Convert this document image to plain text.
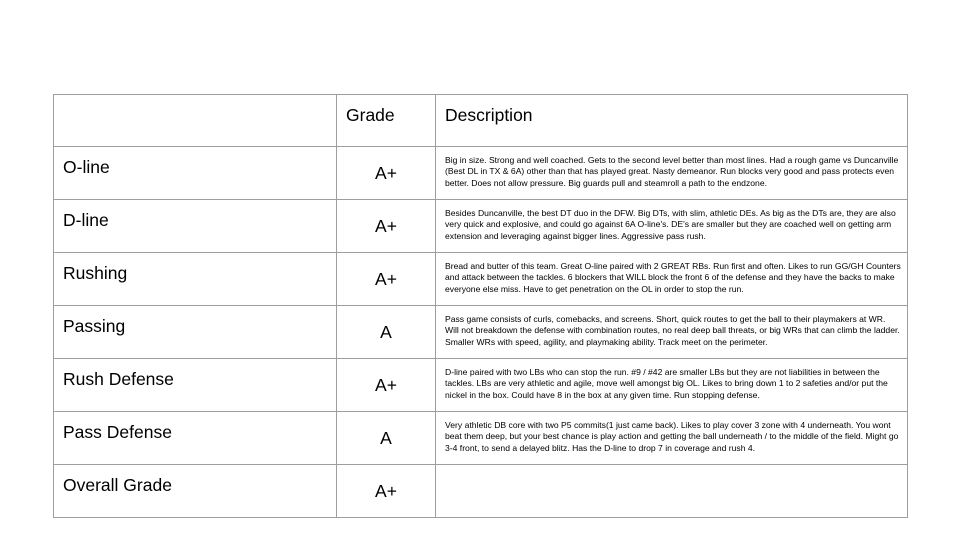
	Grade	Description

O-line	A+	Big in size. Strong and well coached. Gets to the second level better than most lines. Had a rough game vs Duncanville (Best DL in TX & 6A) other than that has played great. Nasty demeanor. Run blocks very good and pass protects even better. Does not allow pressure. Big guards pull and steamroll a path to the endzone.

D-line	A+	Besides Duncanville, the best DT duo in the DFW. Big DTs, with slim, athletic DEs. As big as the DTs are, they are also very quick and explosive, and could go against 6A O-line's. DE's are smaller but they are coached well on getting arm extension and leveraging against bigger lines. Aggressive pass rush.

Rushing	A+	Bread and butter of this team. Great O-line paired with 2 GREAT RBs. Run first and often. Likes to run GG/GH Counters and attack between the tackles. 6 blockers that WILL block the front 6 of the defense and they have the backs to make everyone else miss. Have to get penetration on the OL in order to stop the run.

Passing	A	Pass game consists of curls, comebacks, and screens. Short, quick routes to get the ball to their playmakers at WR. Will not breakdown the defense with combination routes, no real deep ball threats, or big WRs that can climb the ladder. Smaller WRs with speed, agility, and playmaking ability. Track meet on the perimeter.

Rush Defense	A+	D-line paired with two LBs who can stop the run. #9 / #42 are smaller LBs but they are not liabilities in between the tackles. LBs are very athletic and agile, move well amongst big OL. Likes to bring down 1 to 2 safeties and/or put the nickel in the box. Could have 8 in the box at any given time. Run stopping defense.

Pass Defense	A	Very athletic DB core with two P5 commits(1 just came back). Likes to play cover 3 zone with 4 underneath. You wont beat them deep, but your best chance is play action and getting the ball underneath / to the middle of the field. Might go 3-4 front, to send a delayed blitz. Has the D-line to drop 7 in coverage and rush 4.

Overall Grade	A+	
